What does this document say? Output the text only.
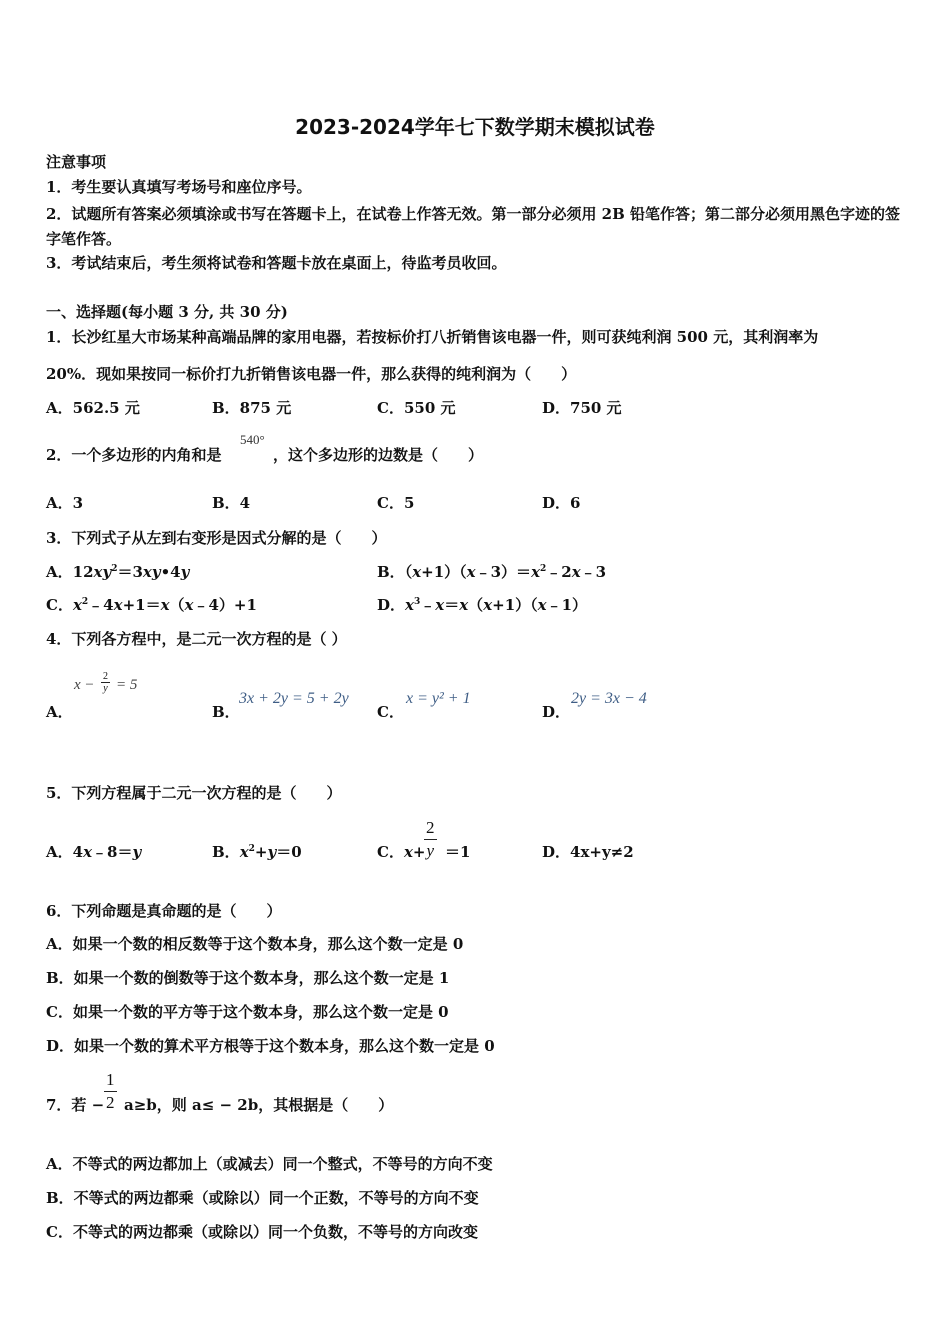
2023-2024学年七下数学期末模拟试卷
注意事项
1．考生要认真填写考场号和座位序号。
2．试题所有答案必须填涂或书写在答题卡上，在试卷上作答无效。第一部分必须用 2B 铅笔作答；第二部分必须用黑色字迹的签字笔作答。
3．考试结束后，考生须将试卷和答题卡放在桌面上，待监考员收回。
一、选择题(每小题 3 分, 共 30 分)
1．长沙红星大市场某种高端品牌的家用电器，若按标价打八折销售该电器一件，则可获纯利润 500 元，其利润率为
20%．现如果按同一标价打九折销售该电器一件，那么获得的纯利润为（　　）
A．562.5 元	B．875 元	C．550 元	D．750 元
2．一个多边形的内角和是
540°
，这个多边形的边数是（　　）
A．3	B．4	C．5	D．6
3．下列式子从左到右变形是因式分解的是（　　）
A．$12xy^2=3xy•4y$	B．$(x+1)(x﹣3)=x^2﹣2x﹣3$
C．$x^2﹣4x+1=x(x﹣4)+1$	D．$x^3﹣x=x(x+1)(x﹣1)$
4．下列各方程中，是二元一次方程的是（ ）
A．
$x - \frac{2}{y} = 5$
B．
3x + 2y = 5 + 2y
C．
x = y² + 1
D．
2y = 3x − 4
5．下列方程属于二元一次方程的是（　　）
A．4x﹣8＝y	B．$x^2+y=0$	C．x+
$\frac{2}{y} =1$	D．4x+y≠2
6．下列命题是真命题的是（　　）
A．如果一个数的相反数等于这个数本身，那么这个数一定是 0
B．如果一个数的倒数等于这个数本身，那么这个数一定是 1
C．如果一个数的平方等于这个数本身，那么这个数一定是 0
D．如果一个数的算术平方根等于这个数本身，那么这个数一定是 0
7．若 − $\frac{1}{2} a\ge b$，则 a≤ − 2b，其根据是（　　）
A．不等式的两边都加上（或减去）同一个整式，不等号的方向不变
B．不等式的两边都乘（或除以）同一个正数，不等号的方向不变
C．不等式的两边都乘（或除以）同一个负数，不等号的方向改变
